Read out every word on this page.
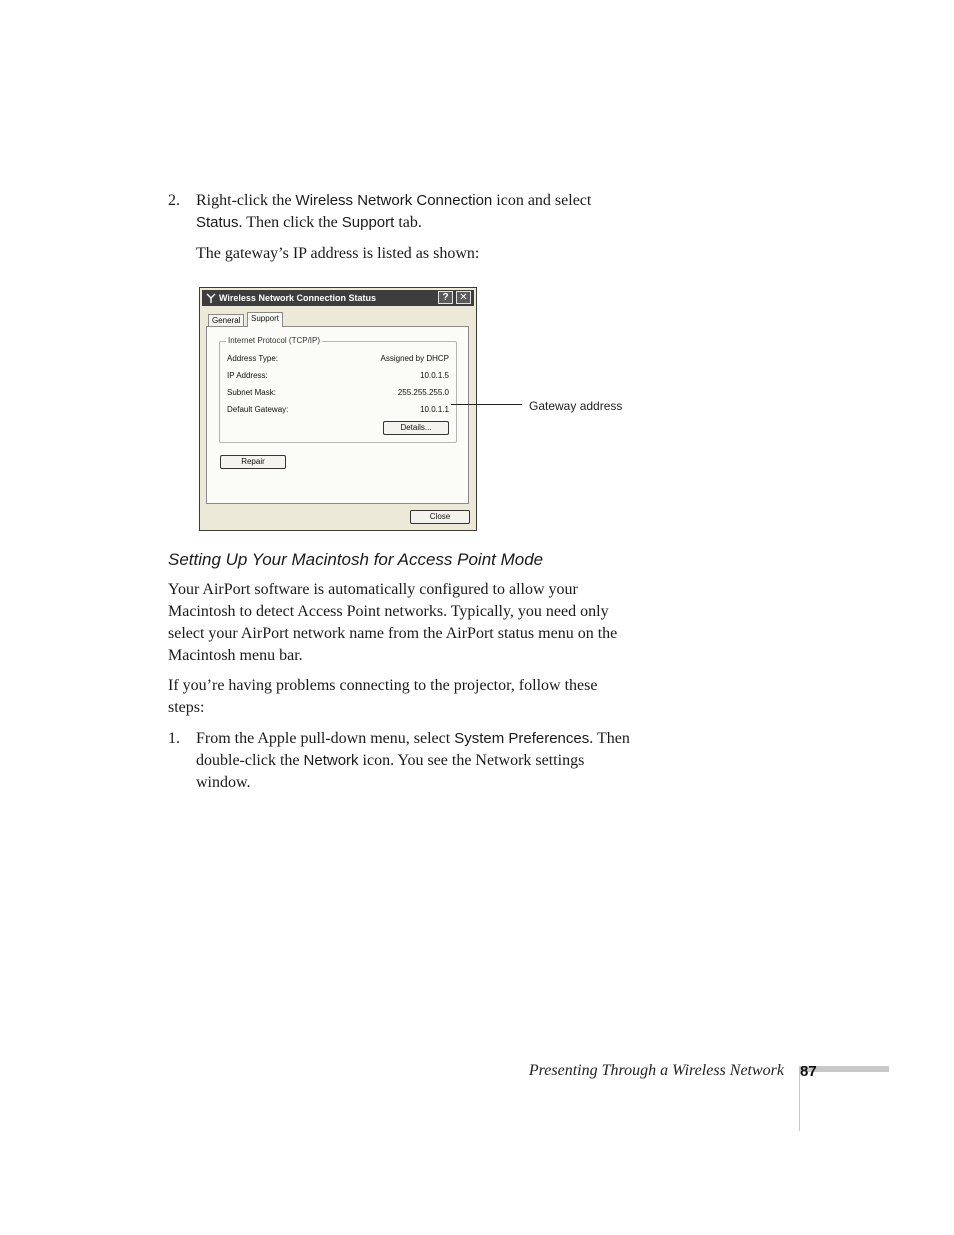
2. Right-click the Wireless Network Connection icon and select Status. Then click the Support tab.
The gateway’s IP address is listed as shown:
Wireless Network Connection Status	?	✕
General	Support
Internet Protocol (TCP/IP)
Address Type:	Assigned by DHCP
IP Address:	10.0.1.5
Subnet Mask:	255.255.255.0
Default Gateway:	10.0.1.1
Details...
Repair
Close
Gateway address
Setting Up Your Macintosh for Access Point Mode
Your AirPort software is automatically configured to allow your Macintosh to detect Access Point networks. Typically, you need only select your AirPort network name from the AirPort status menu on the Macintosh menu bar.
If you’re having problems connecting to the projector, follow these steps:
1. From the Apple pull-down menu, select System Preferences. Then double-click the Network icon. You see the Network settings window.
Presenting Through a Wireless Network 87
